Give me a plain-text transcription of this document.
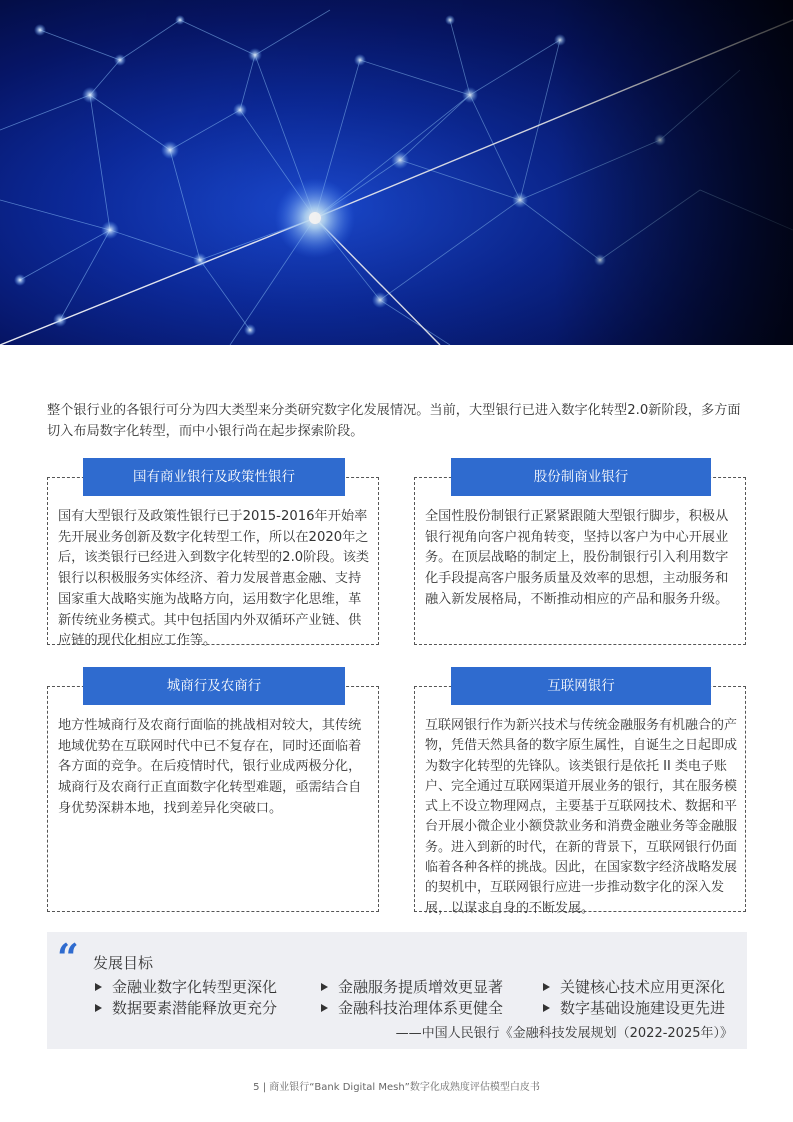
整个银行业的各银行可分为四大类型来分类研究数字化发展情况。当前，大型银行已进入数字化转型2.0新阶段，多方面切入布局数字化转型，而中小银行尚在起步探索阶段。
国有商业银行及政策性银行
国有大型银行及政策性银行已于2015-2016年开始率先开展业务创新及数字化转型工作，所以在2020年之后，该类银行已经进入到数字化转型的2.0阶段。该类银行以积极服务实体经济、着力发展普惠金融、支持国家重大战略实施为战略方向，运用数字化思维，革新传统业务模式。其中包括国内外双循环产业链、供应链的现代化相应工作等。
股份制商业银行
全国性股份制银行正紧紧跟随大型银行脚步，积极从银行视角向客户视角转变，坚持以客户为中心开展业务。在顶层战略的制定上，股份制银行引入利用数字化手段提高客户服务质量及效率的思想，主动服务和融入新发展格局，不断推动相应的产品和服务升级。
城商行及农商行
地方性城商行及农商行面临的挑战相对较大，其传统地域优势在互联网时代中已不复存在，同时还面临着各方面的竞争。在后疫情时代，银行业成两极分化，城商行及农商行正直面数字化转型难题，亟需结合自身优势深耕本地，找到差异化突破口。
互联网银行
互联网银行作为新兴技术与传统金融服务有机融合的产物，凭借天然具备的数字原生属性，自诞生之日起即成为数字化转型的先锋队。该类银行是依托 II 类电子账户、完全通过互联网渠道开展业务的银行，其在服务模式上不设立物理网点，主要基于互联网技术、数据和平台开展小微企业小额贷款业务和消费金融业务等金融服务。进入到新的时代，在新的背景下，互联网银行仍面临着各种各样的挑战。因此，在国家数字经济战略发展的契机中，互联网银行应进一步推动数字化的深入发展，以谋求自身的不断发展。
“ 发展目标
金融业数字化转型更深化	金融服务提质增效更显著	关键核心技术应用更深化
数据要素潜能释放更充分	金融科技治理体系更健全	数字基础设施建设更先进
——中国人民银行《金融科技发展规划（2022-2025年）》
5 | 商业银行“Bank Digital Mesh”数字化成熟度评估模型白皮书
